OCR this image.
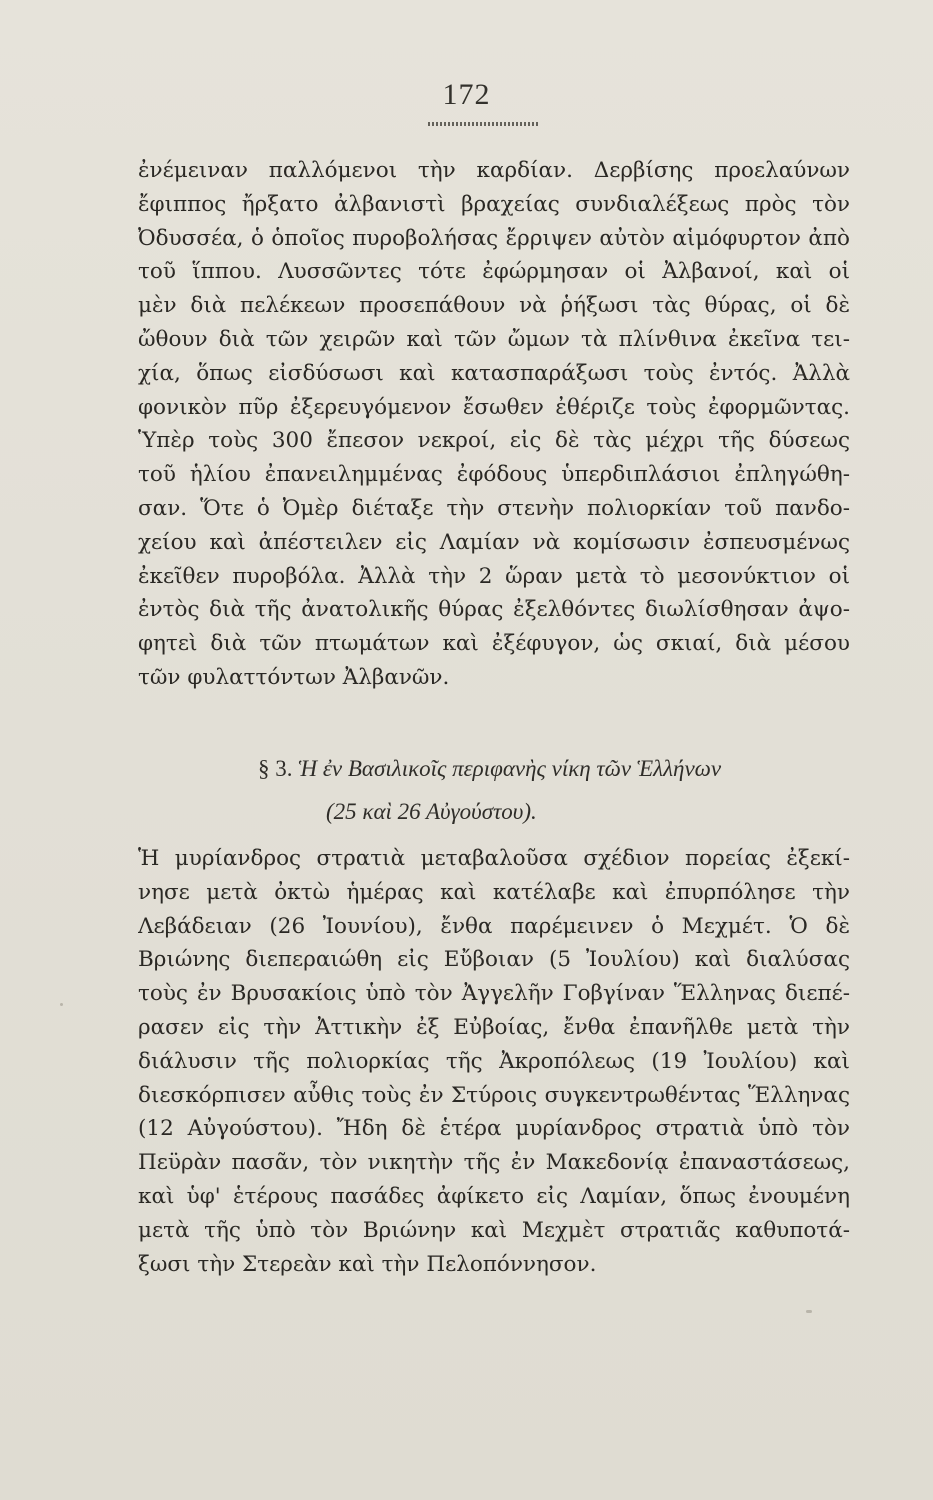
172
ἐνέμειναν παλλόμενοι τὴν καρδίαν. Δερβίσης προελαύνων
ἔφιππος ἤρξατο ἀλβανιστὶ βραχείας συνδιαλέξεως πρὸς τὸν
Ὀδυσσέα, ὁ ὁποῖος πυροβολήσας ἔρριψεν αὐτὸν αἱμόφυρτον ἀπὸ
τοῦ ἵππου. Λυσσῶντες τότε ἐφώρμησαν οἱ Ἀλβανοί, καὶ οἱ
μὲν διὰ πελέκεων προσεπάθουν νὰ ῥήξωσι τὰς θύρας, οἱ δὲ
ὤθουν διὰ τῶν χειρῶν καὶ τῶν ὤμων τὰ πλίνθινα ἐκεῖνα τει-
χία, ὅπως εἰσδύσωσι καὶ κατασπαράξωσι τοὺς ἐντός. Ἀλλὰ
φονικὸν πῦρ ἐξερευγόμενον ἔσωθεν ἐθέριζε τοὺς ἐφορμῶντας.
Ὑπὲρ τοὺς 300 ἔπεσον νεκροί, εἰς δὲ τὰς μέχρι τῆς δύσεως
τοῦ ἡλίου ἐπανειλημμένας ἐφόδους ὑπερδιπλάσιοι ἐπληγώθη-
σαν. Ὅτε ὁ Ὀμὲρ διέταξε τὴν στενὴν πολιορκίαν τοῦ πανδο-
χείου καὶ ἀπέστειλεν εἰς Λαμίαν νὰ κομίσωσιν ἐσπευσμένως
ἐκεῖθεν πυροβόλα. Ἀλλὰ τὴν 2 ὥραν μετὰ τὸ μεσονύκτιον οἱ
ἐντὸς διὰ τῆς ἀνατολικῆς θύρας ἐξελθόντες διωλίσθησαν ἀψο-
φητεὶ διὰ τῶν πτωμάτων καὶ ἐξέφυγον, ὡς σκιαί, διὰ μέσου
τῶν φυλαττόντων Ἀλβανῶν.
§ 3. Ἡ ἐν Βασιλικοῖς περιφανὴς νίκη τῶν Ἑλλήνων
(25 καὶ 26 Αὐγούστου).
Ἡ μυρίανδρος στρατιὰ μεταβαλοῦσα σχέδιον πορείας ἐξεκί-
νησε μετὰ ὀκτὼ ἡμέρας καὶ κατέλαβε καὶ ἐπυρπόλησε τὴν
Λεβάδειαν (26 Ἰουνίου), ἔνθα παρέμεινεν ὁ Μεχμέτ. Ὁ δὲ
Βριώνης διεπεραιώθη εἰς Εὔβοιαν (5 Ἰουλίου) καὶ διαλύσας
τοὺς ἐν Βρυσακίοις ὑπὸ τὸν Ἀγγελῆν Γοβγίναν Ἕλληνας διεπέ-
ρασεν εἰς τὴν Ἀττικὴν ἐξ Εὐβοίας, ἔνθα ἐπανῆλθε μετὰ τὴν
διάλυσιν τῆς πολιορκίας τῆς Ἀκροπόλεως (19 Ἰουλίου) καὶ
διεσκόρπισεν αὖθις τοὺς ἐν Στύροις συγκεντρωθέντας Ἕλληνας
(12 Αὐγούστου). Ἤδη δὲ ἑτέρα μυρίανδρος στρατιὰ ὑπὸ τὸν
Πεϋρὰν πασᾶν, τὸν νικητὴν τῆς ἐν Μακεδονίᾳ ἐπαναστάσεως,
καὶ ὑφ' ἑτέρους πασάδες ἀφίκετο εἰς Λαμίαν, ὅπως ἐνουμένη
μετὰ τῆς ὑπὸ τὸν Βριώνην καὶ Μεχμὲτ στρατιᾶς καθυποτά-
ξωσι τὴν Στερεὰν καὶ τὴν Πελοπόννησον.
